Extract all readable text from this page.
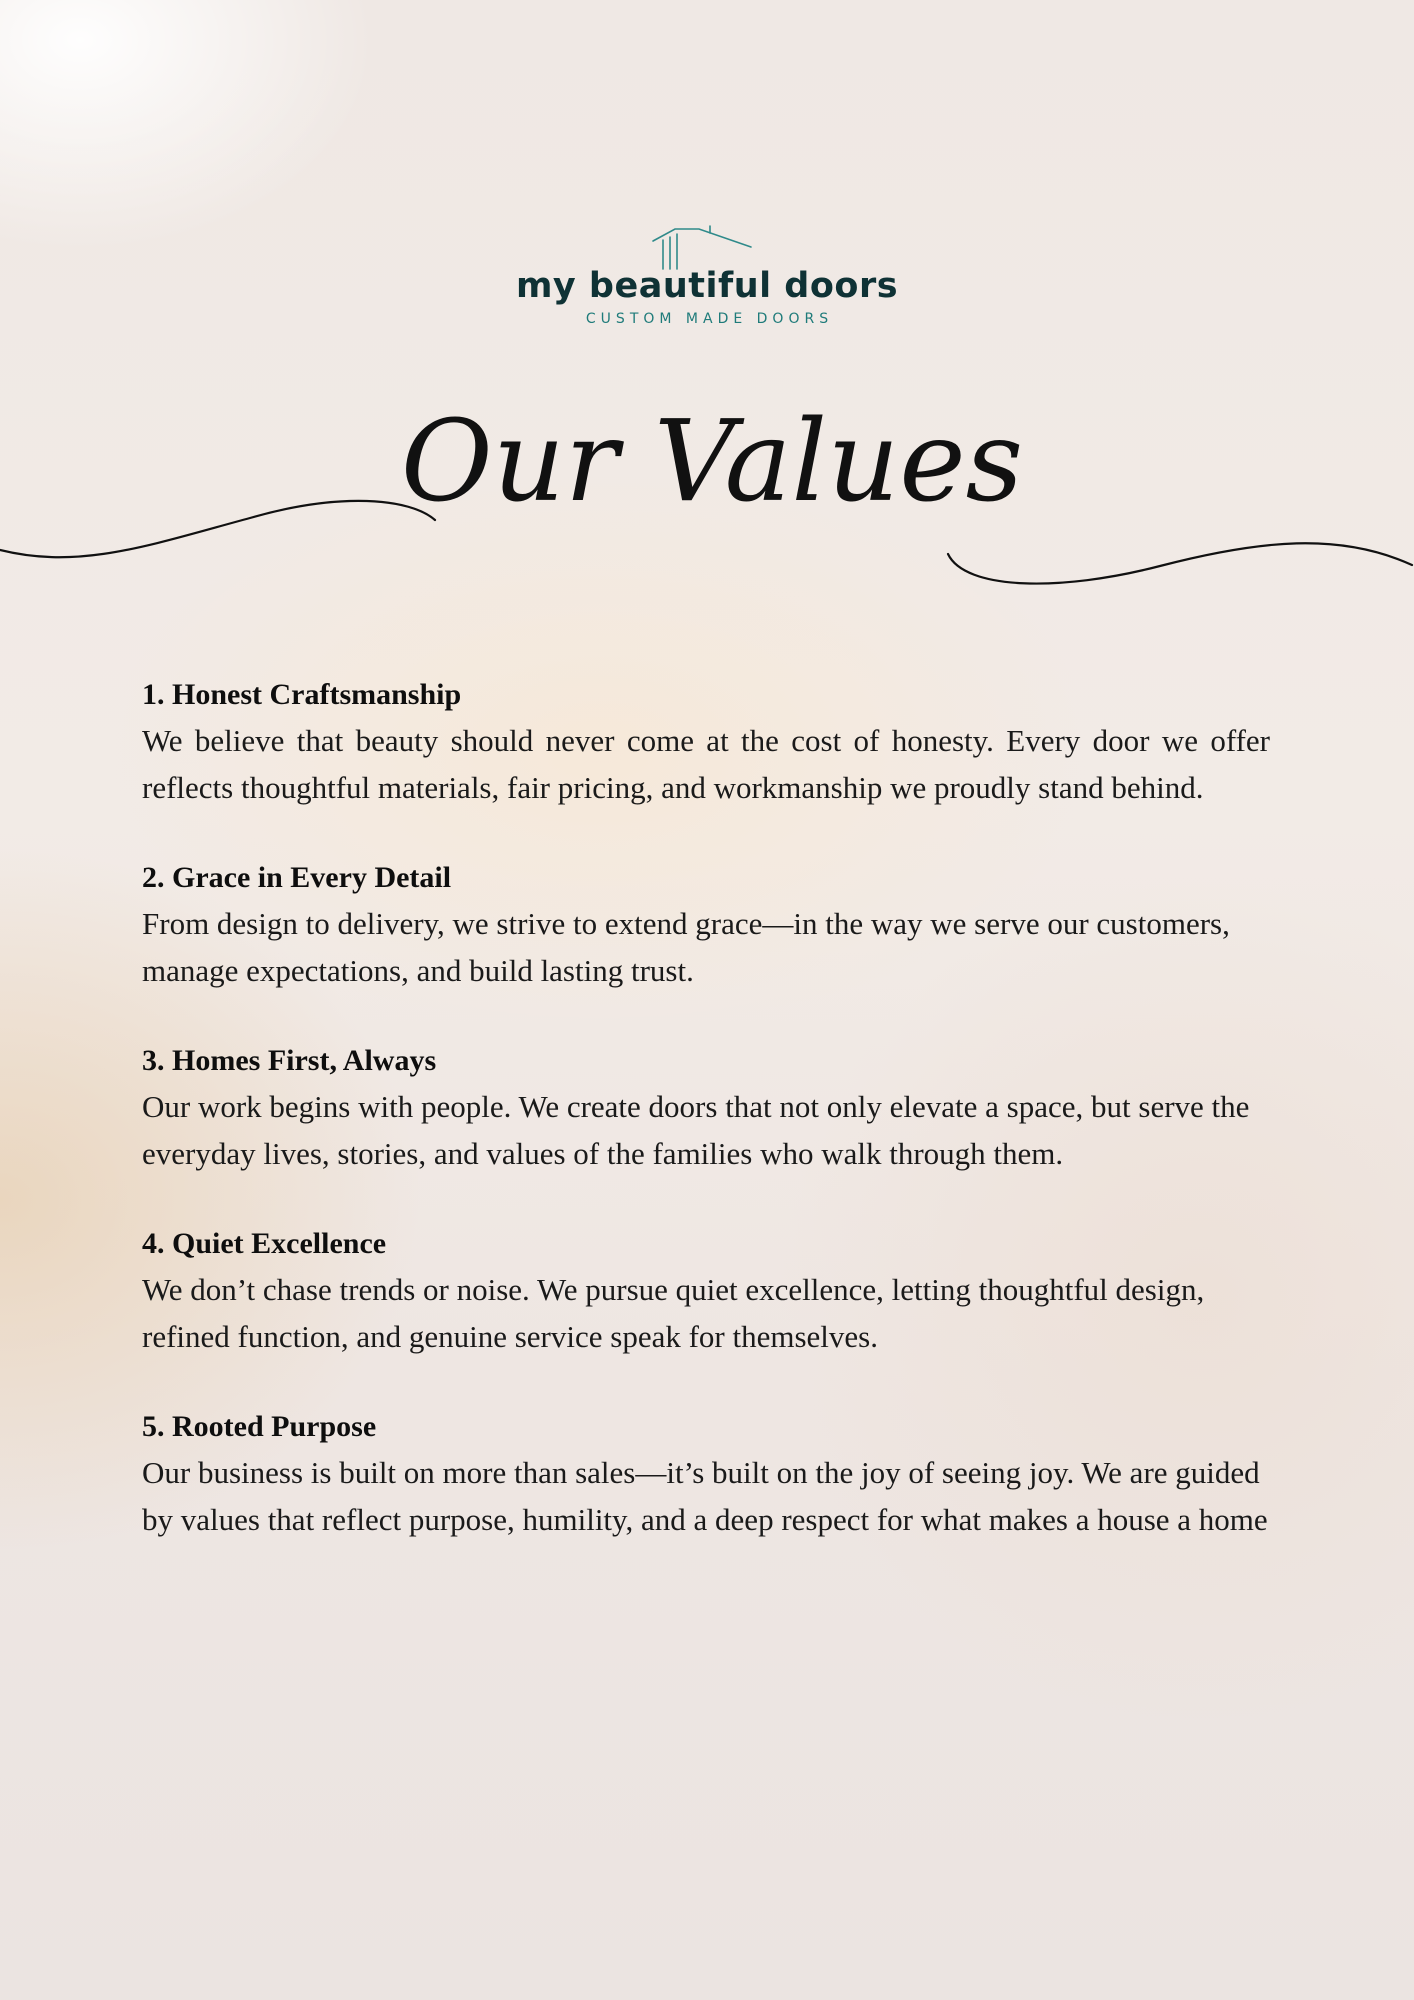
my beautiful doors
CUSTOM MADE DOORS
Our Values

1. Honest Craftsmanship

We believe that beauty should never come at the cost of honesty. Every door we offer reflects thoughtful materials, fair pricing, and workmanship we proudly stand behind.

2. Grace in Every Detail

From design to delivery, we strive to extend grace—in the way we serve our customers, manage expectations, and build lasting trust.

3. Homes First, Always

Our work begins with people. We create doors that not only elevate a space, but serve the everyday lives, stories, and values of the families who walk through them.

4. Quiet Excellence

We don’t chase trends or noise. We pursue quiet excellence, letting thoughtful design, refined function, and genuine service speak for themselves.

5. Rooted Purpose

Our business is built on more than sales—it’s built on the joy of seeing joy. We are guided by values that reflect purpose, humility, and a deep respect for what makes a house a home
